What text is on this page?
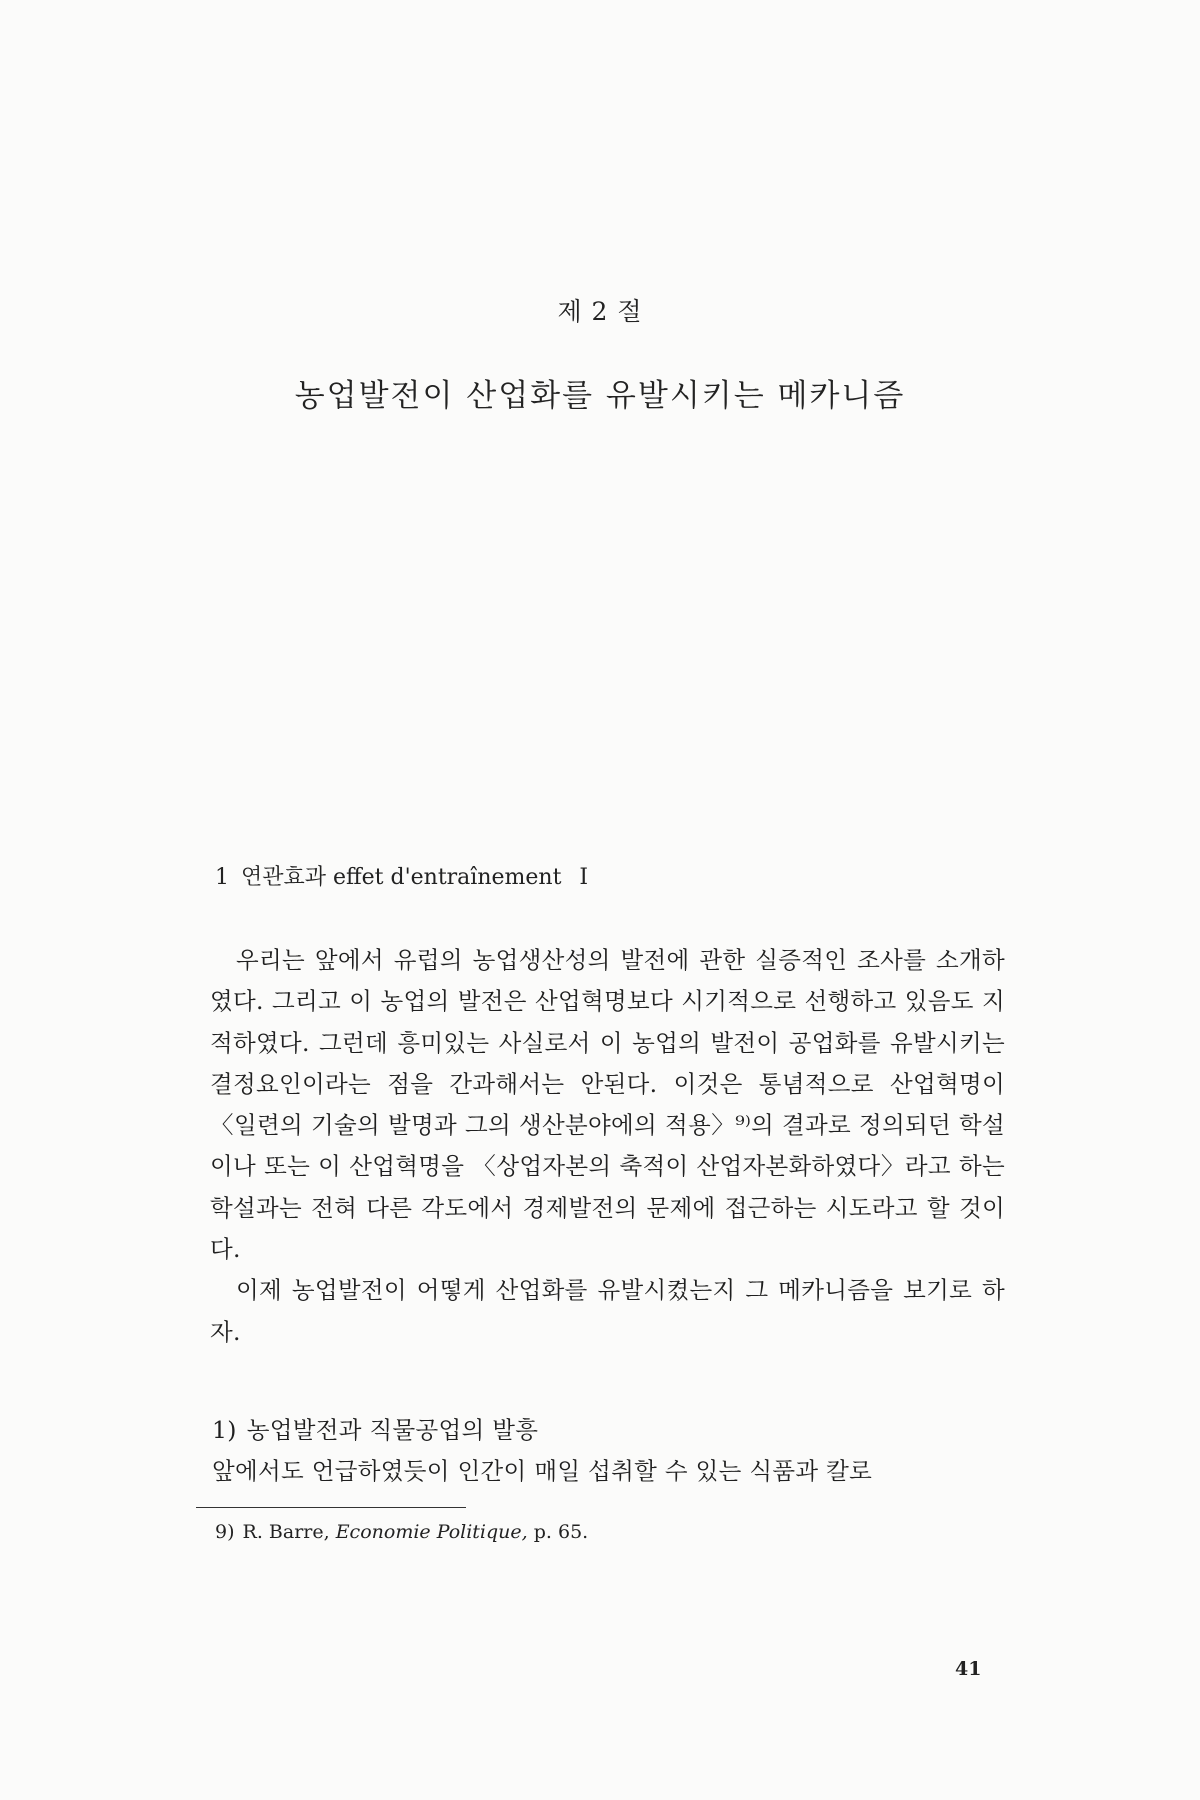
제 2 절
농업발전이 산업화를 유발시키는 메카니즘
1 연관효과 effet d'entraînement I

우리는 앞에서 유럽의 농업생산성의 발전에 관한 실증적인 조사를 소개하였다. 그리고 이 농업의 발전은 산업혁명보다 시기적으로 선행하고 있음도 지적하였다. 그런데 흥미있는 사실로서 이 농업의 발전이 공업화를 유발시키는 결정요인이라는 점을 간과해서는 안된다. 이것은 통념적으로 산업혁명이 〈일련의 기술의 발명과 그의 생산분야에의 적용〉⁹⁾의 결과로 정의되던 학설이나 또는 이 산업혁명을 〈상업자본의 축적이 산업자본화하였다〉라고 하는 학설과는 전혀 다른 각도에서 경제발전의 문제에 접근하는 시도라고 할 것이다.

이제 농업발전이 어떻게 산업화를 유발시켰는지 그 메카니즘을 보기로 하자.

1) 농업발전과 직물공업의 발흥

앞에서도 언급하였듯이 인간이 매일 섭취할 수 있는 식품과 칼로

9) R. Barre, Economie Politique, p. 65.
41
